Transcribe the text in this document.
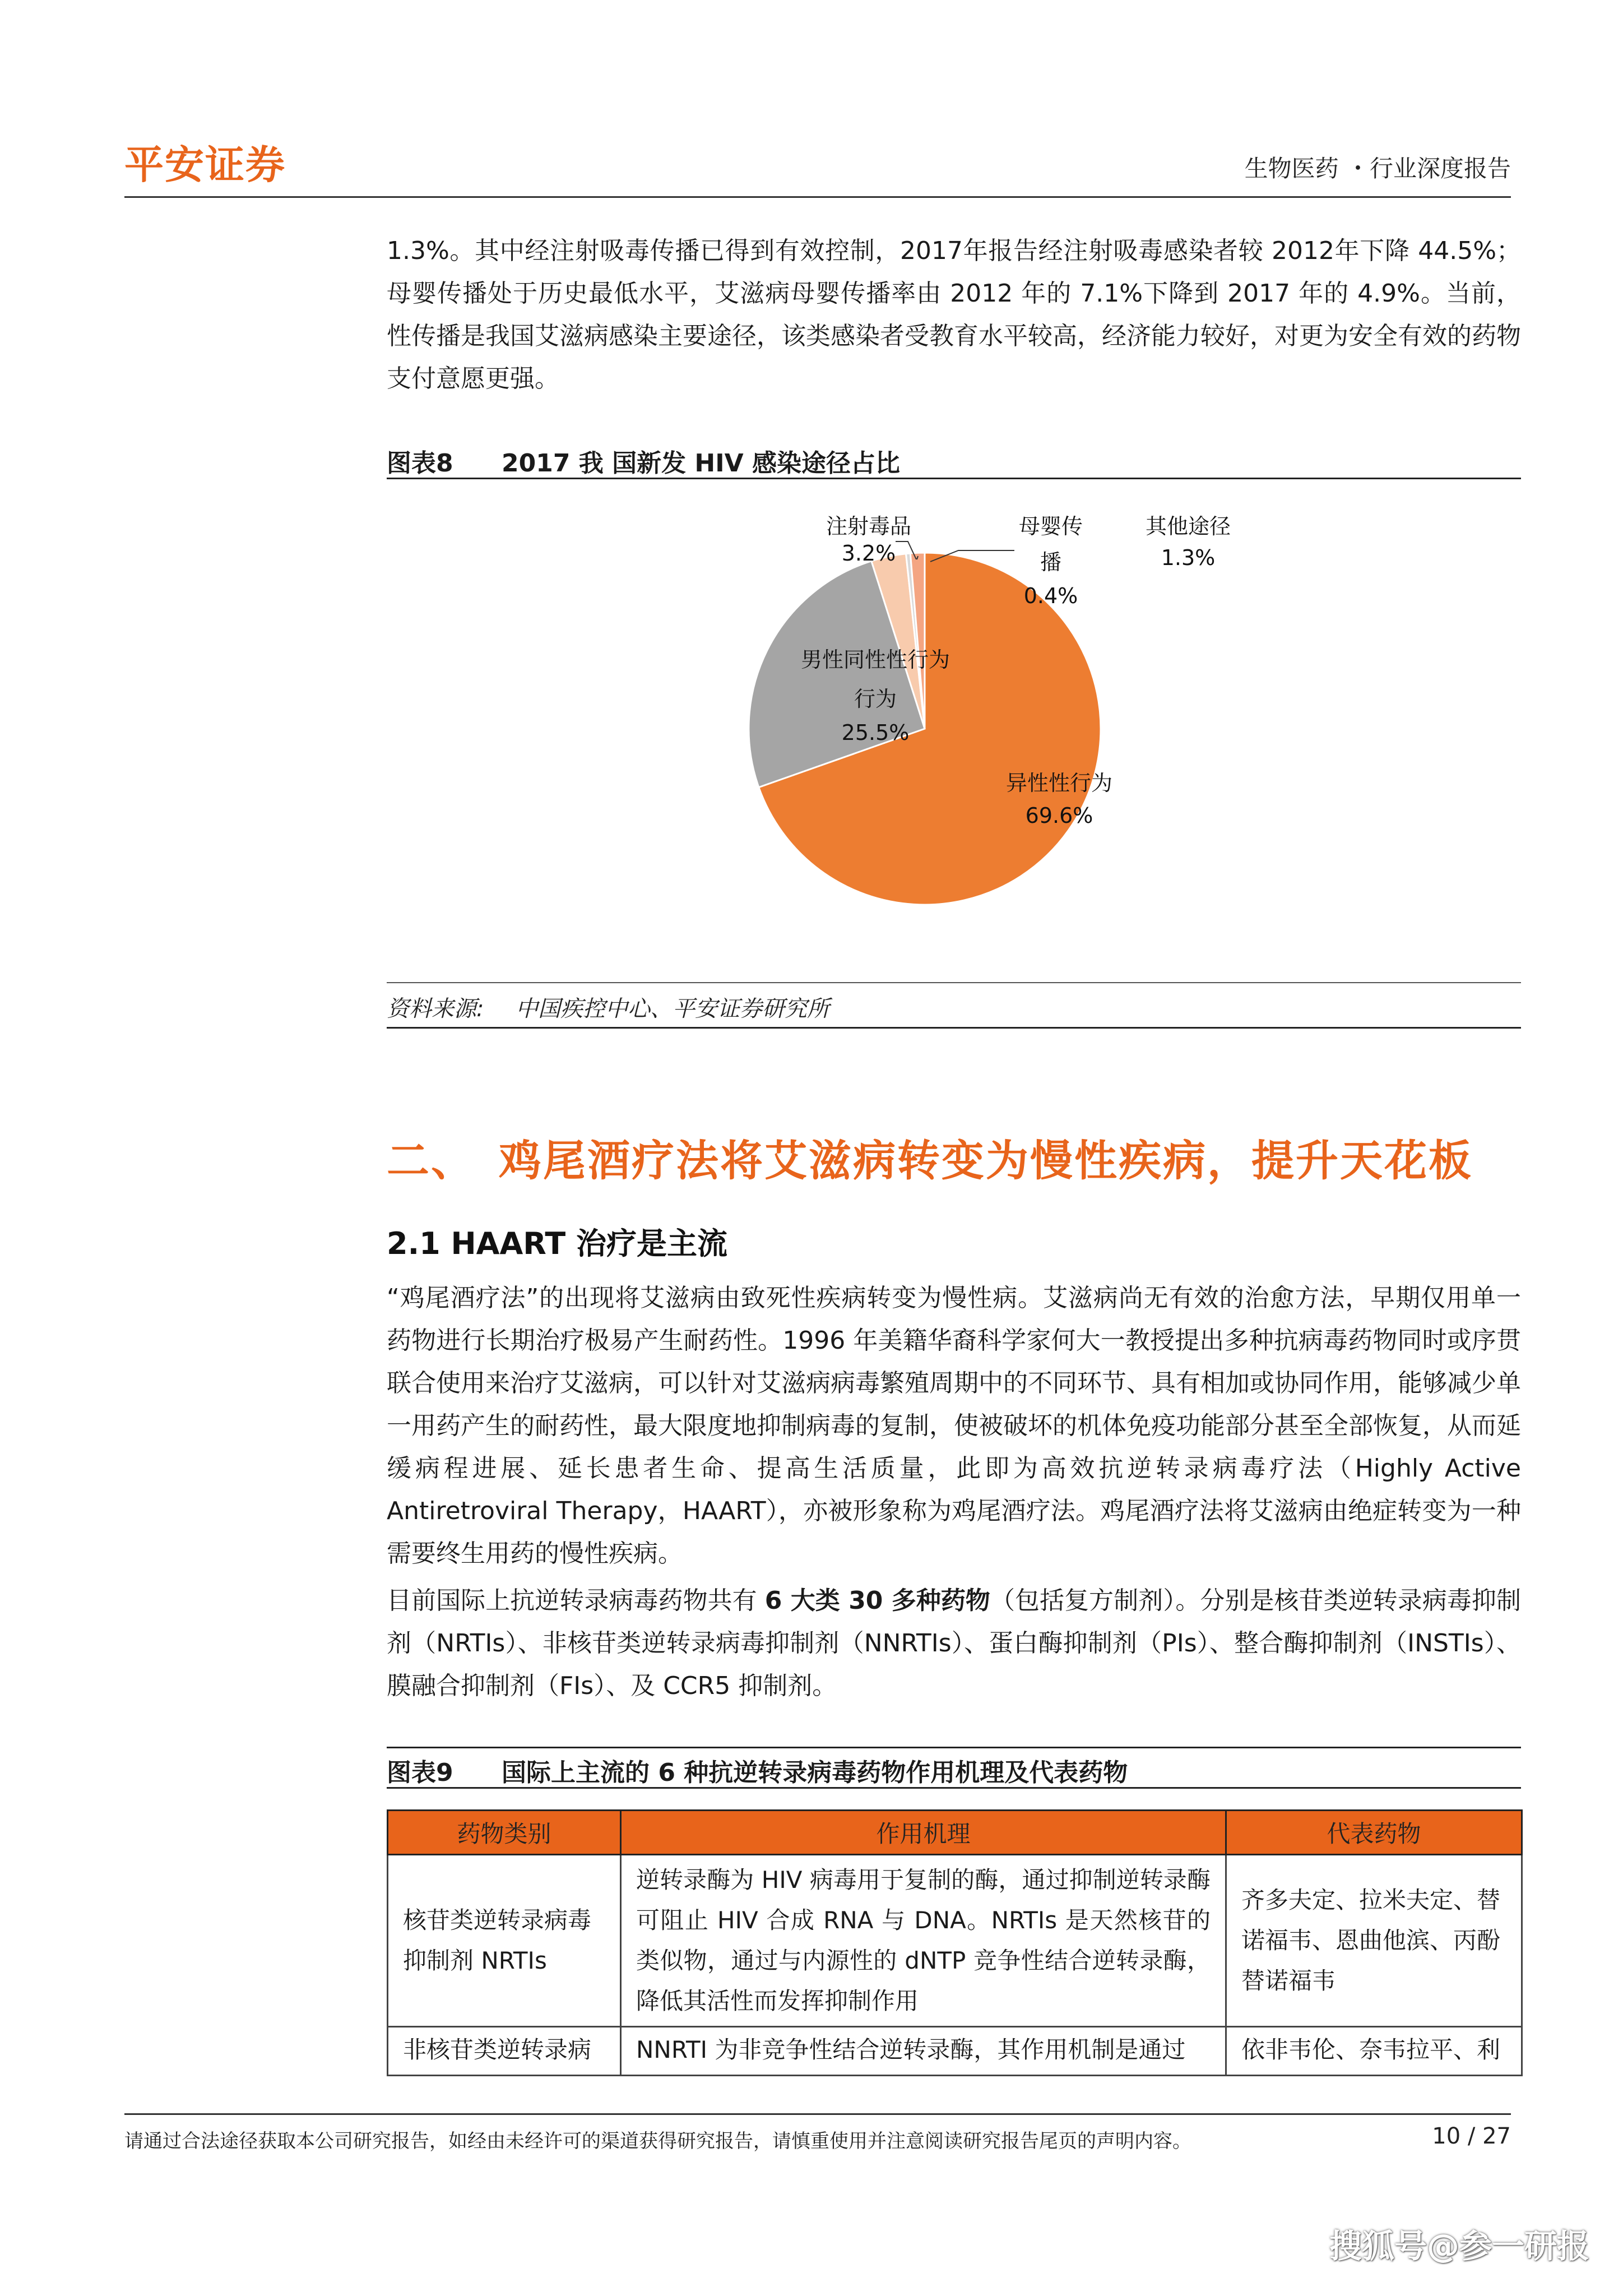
平安证券	生物医药 ・行业深度报告

1.3%。其中经注射吸毒传播已得到有效控制，2017年报告经注射吸毒感染者较 2012年下降 44.5%；母婴传播处于历史最低水平，艾滋病母婴传播率由 2012 年的 7.1%下降到 2017 年的 4.9%。当前，性传播是我国艾滋病感染主要途径，该类感染者受教育水平较高，经济能力较好，对更为安全有效的药物支付意愿更强。

图表8 2017 我 国新发 HIV 感染途径占比
注射毒品
3.2%
母婴传
播
0.4%
其他途径
1.3%
男性同性性行为
行为
25.5%
异性性行为
69.6%
资料来源: 中国疾控中心、平安证券研究所
二、 鸡尾酒疗法将艾滋病转变为慢性疾病，提升天花板
2.1 HAART 治疗是主流

“鸡尾酒疗法”的出现将艾滋病由致死性疾病转变为慢性病。艾滋病尚无有效的治愈方法，早期仅用单一药物进行长期治疗极易产生耐药性。1996 年美籍华裔科学家何大一教授提出多种抗病毒药物同时或序贯联合使用来治疗艾滋病，可以针对艾滋病病毒繁殖周期中的不同环节、具有相加或协同作用，能够减少单一用药产生的耐药性，最大限度地抑制病毒的复制，使被破坏的机体免疫功能部分甚至全部恢复，从而延缓病程进展、延长患者生命、提高生活质量，此即为高效抗逆转录病毒疗法（Highly Active Antiretroviral Therapy，HAART），亦被形象称为鸡尾酒疗法。鸡尾酒疗法将艾滋病由绝症转变为一种需要终生用药的慢性疾病。

目前国际上抗逆转录病毒药物共有 6 大类 30 多种药物（包括复方制剂）。分别是核苷类逆转录病毒抑制剂（NRTIs）、非核苷类逆转录病毒抑制剂（NNRTIs）、蛋白酶抑制剂（PIs）、整合酶抑制剂（INSTIs）、膜融合抑制剂（FIs）、及 CCR5 抑制剂。

图表9 国际上主流的 6 种抗逆转录病毒药物作用机理及代表药物
药物类别	作用机理	代表药物
核苷类逆转录病毒抑制剂 NRTIs	逆转录酶为 HIV 病毒用于复制的酶，通过抑制逆转录酶可阻止 HIV 合成 RNA 与 DNA。NRTIs 是天然核苷的类似物，通过与内源性的 dNTP 竞争性结合逆转录酶，降低其活性而发挥抑制作用	齐多夫定、拉米夫定、替诺福韦、恩曲他滨、丙酚替诺福韦
非核苷类逆转录病	NNRTI 为非竞争性结合逆转录酶，其作用机制是通过	依非韦伦、奈韦拉平、利
请通过合法途径获取本公司研究报告，如经由未经许可的渠道获得研究报告，请慎重使用并注意阅读研究报告尾页的声明内容。	10 / 27
搜狐号@参一研报
